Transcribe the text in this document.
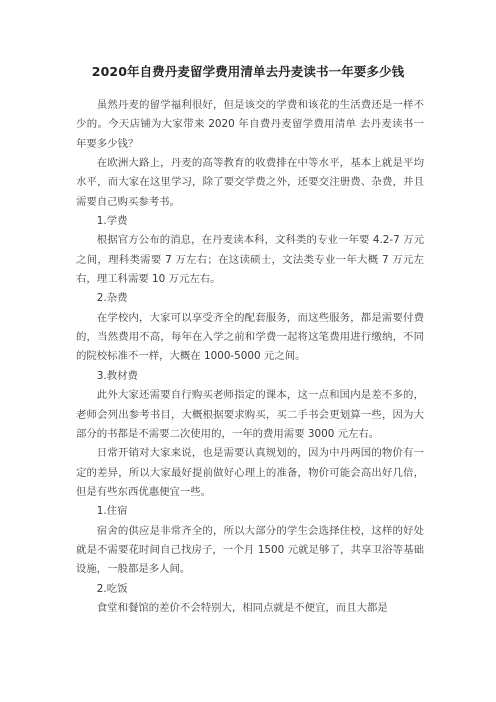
2020年自费丹麦留学费用清单去丹麦读书一年要多少钱

虽然丹麦的留学福利很好，但是该交的学费和该花的生活费还是一样不少的。今天店铺为大家带来 2020 年自费丹麦留学费用清单 去丹麦读书一年要多少钱？

在欧洲大路上，丹麦的高等教育的收费排在中等水平，基本上就是平均水平，而大家在这里学习，除了要交学费之外，还要交注册费、杂费，并且需要自己购买参考书。

1.学费

根据官方公布的消息，在丹麦读本科，文科类的专业一年要 4.2-7 万元之间，理科类需要 7 万左右；在这读硕士，文法类专业一年大概 7 万元左右，理工科需要 10 万元左右。

2.杂费

在学校内，大家可以享受齐全的配套服务，而这些服务，都是需要付费的，当然费用不高，每年在入学之前和学费一起将这笔费用进行缴纳，不同的院校标准不一样，大概在 1000-5000 元之间。

3.教材费

此外大家还需要自行购买老师指定的课本，这一点和国内是差不多的，老师会列出参考书目，大概根据要求购买，买二手书会更划算一些，因为大部分的书都是不需要二次使用的，一年的费用需要 3000 元左右。

日常开销对大家来说，也是需要认真规划的，因为中丹两国的物价有一定的差异，所以大家最好提前做好心理上的准备，物价可能会高出好几倍，但是有些东西优惠便宜一些。

1.住宿

宿舍的供应是非常齐全的，所以大部分的学生会选择住校，这样的好处就是不需要花时间自己找房子，一个月 1500 元就足够了，共享卫浴等基础设施，一般都是多人间。

2.吃饭

食堂和餐馆的差价不会特别大，相同点就是不便宜，而且大都是
